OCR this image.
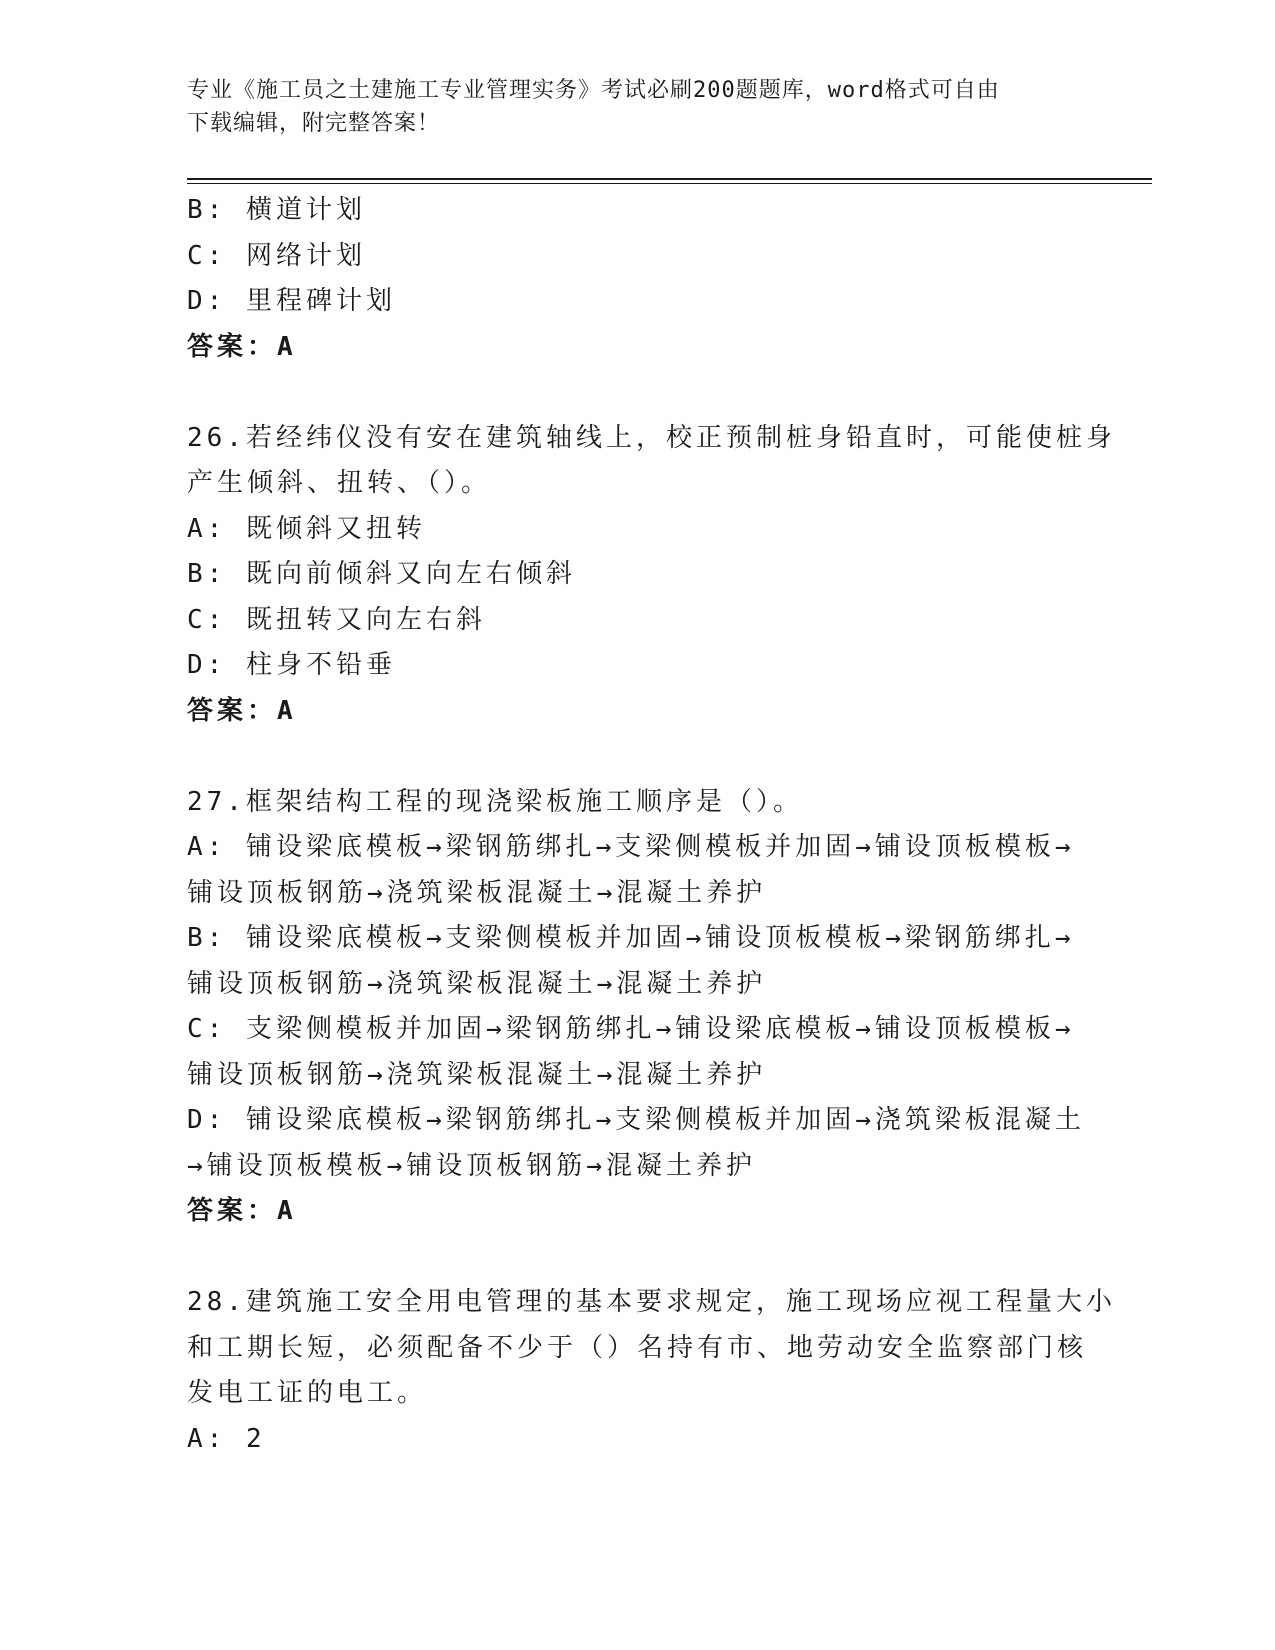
专业《施工员之土建施工专业管理实务》考试必刷200题题库，word格式可自由
下载编辑，附完整答案！
B: 横道计划
C: 网络计划
D: 里程碑计划
答案：A
26.若经纬仪没有安在建筑轴线上，校正预制桩身铅直时，可能使桩身
产生倾斜、扭转、（）。
A: 既倾斜又扭转
B: 既向前倾斜又向左右倾斜
C: 既扭转又向左右斜
D: 柱身不铅垂
答案：A
27.框架结构工程的现浇梁板施工顺序是（）。
A: 铺设梁底模板→梁钢筋绑扎→支梁侧模板并加固→铺设顶板模板→
铺设顶板钢筋→浇筑梁板混凝土→混凝土养护
B: 铺设梁底模板→支梁侧模板并加固→铺设顶板模板→梁钢筋绑扎→
铺设顶板钢筋→浇筑梁板混凝土→混凝土养护
C: 支梁侧模板并加固→梁钢筋绑扎→铺设梁底模板→铺设顶板模板→
铺设顶板钢筋→浇筑梁板混凝土→混凝土养护
D: 铺设梁底模板→梁钢筋绑扎→支梁侧模板并加固→浇筑梁板混凝土
→铺设顶板模板→铺设顶板钢筋→混凝土养护
答案：A
28.建筑施工安全用电管理的基本要求规定，施工现场应视工程量大小
和工期长短，必须配备不少于（）名持有市、地劳动安全监察部门核
发电工证的电工。
A: 2
